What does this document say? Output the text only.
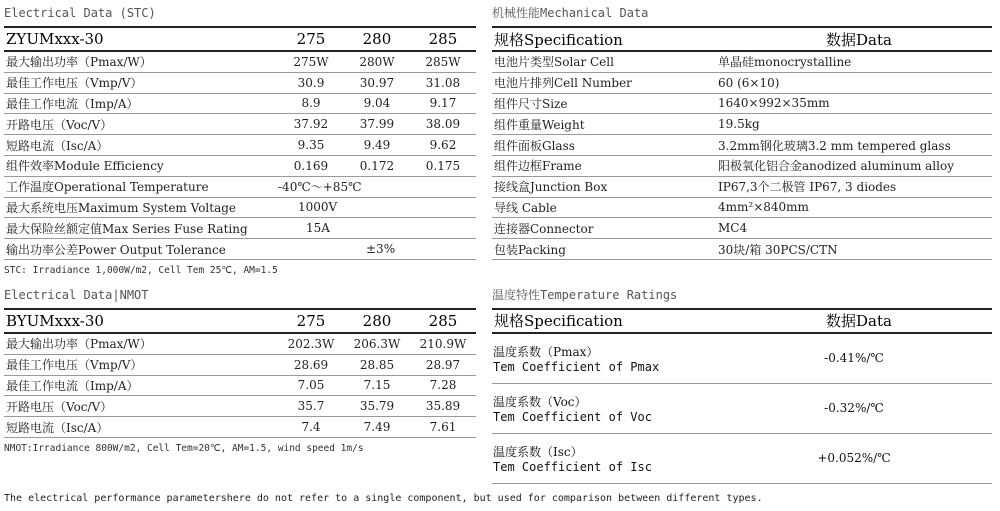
Electrical Data (STC)
ZYUMxxx-30	275	280	285
最大输出功率（Pmax/W）	275W	280W	285W
最佳工作电压（Vmp/V）	30.9	30.97	31.08
最佳工作电流（Imp/A）	8.9	9.04	9.17
开路电压（Voc/V）	37.92	37.99	38.09
短路电流（Isc/A）	9.35	9.49	9.62
组件效率Module Efficiency	0.169	0.172	0.175
工作温度Operational Temperature	-40℃～+85℃		
最大系统电压Maximum System Voltage	1000V		
最大保险丝额定值Max Series Fuse Rating	15A		
输出功率公差Power Output Tolerance	±3%		
STC: Irradiance 1,000W/m2, Cell Tem 25℃, AM=1.5
Electrical Data|NMOT
BYUMxxx-30	275	280	285
最大输出功率（Pmax/W）	202.3W	206.3W	210.9W
最佳工作电压（Vmp/V）	28.69	28.85	28.97
最佳工作电流（Imp/A）	7.05	7.15	7.28
开路电压（Voc/V）	35.7	35.79	35.89
短路电流（Isc/A）	7.4	7.49	7.61
NMOT:Irradiance 800W/m2, Cell Tem=20℃, AM=1.5, wind speed 1m/s
机械性能Mechanical Data
规格Specification	数据Data
电池片类型Solar Cell	单晶硅monocrystalline
电池片排列Cell Number	60 (6×10)
组件尺寸Size	1640×992×35mm
组件重量Weight	19.5kg
组件面板Glass	3.2mm钢化玻璃3.2 mm tempered glass
组件边框Frame	阳极氧化铝合金anodized aluminum alloy
接线盒Junction Box	IP67,3个二极管 IP67, 3 diodes
导线 Cable	4mm²×840mm
连接器Connector	MC4
包装Packing	30块/箱 30PCS/CTN
温度特性Temperature Ratings
规格Specification	数据Data

温度系数（Pmax）
Tem Coefficient of Pmax	-0.41%/℃

温度系数（Voc）
Tem Coefficient of Voc	-0.32%/℃

温度系数（Isc）
Tem Coefficient of Isc	+0.052%/℃
The electrical performance parametershere do not refer to a single component, but used for comparison between different types.
